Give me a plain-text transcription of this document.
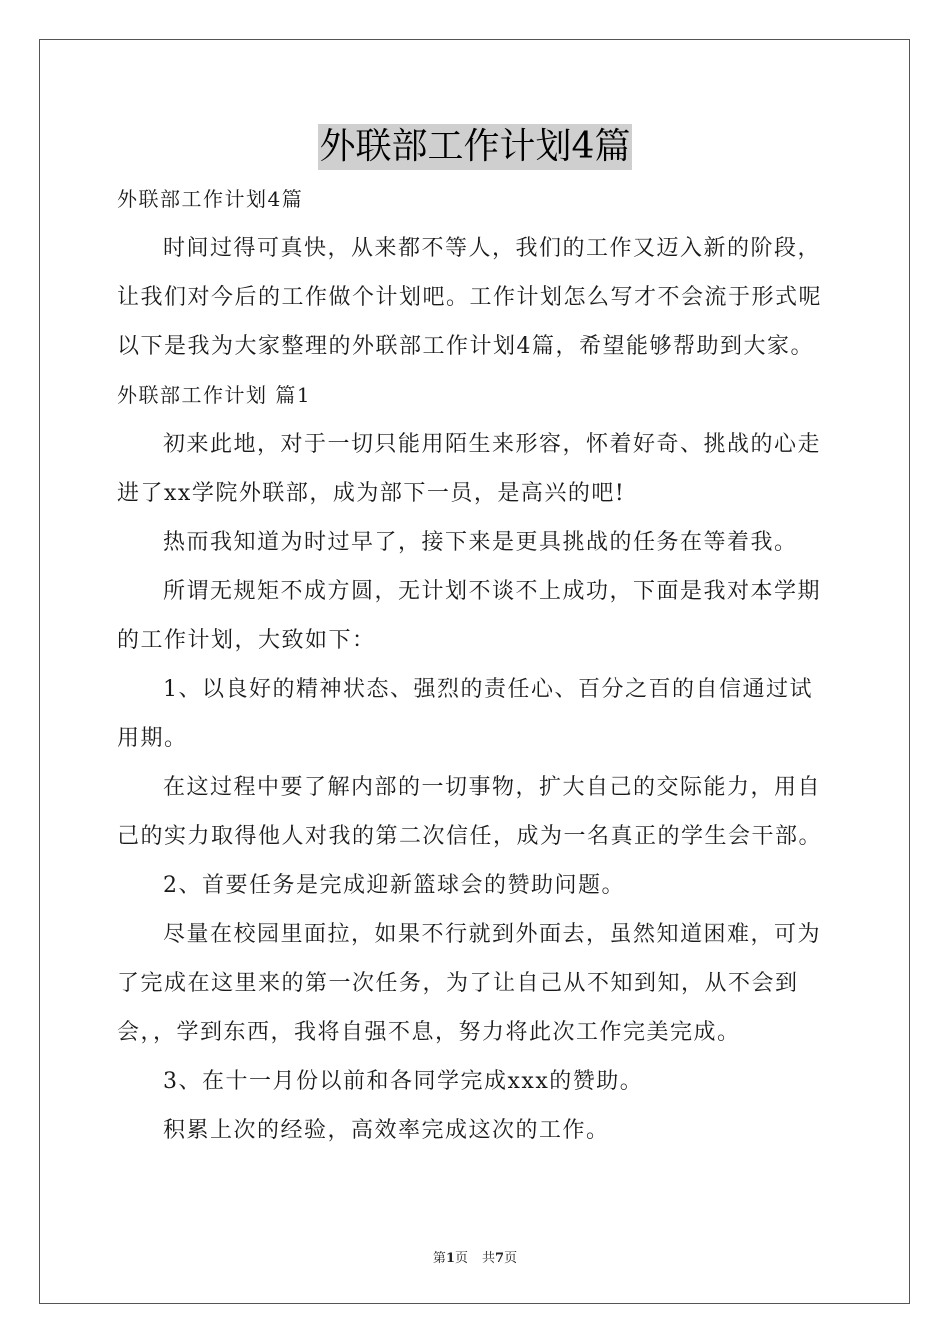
外联部工作计划4篇
外联部工作计划4篇
时间过得可真快，从来都不等人，我们的工作又迈入新的阶段，
让我们对今后的工作做个计划吧。工作计划怎么写才不会流于形式呢
以下是我为大家整理的外联部工作计划4篇，希望能够帮助到大家。
外联部工作计划 篇1
初来此地，对于一切只能用陌生来形容，怀着好奇、挑战的心走
进了xx学院外联部，成为部下一员，是高兴的吧!
热而我知道为时过早了，接下来是更具挑战的任务在等着我。
所谓无规矩不成方圆，无计划不谈不上成功，下面是我对本学期
的工作计划，大致如下：
1、以良好的精神状态、强烈的责任心、百分之百的自信通过试
用期。
在这过程中要了解内部的一切事物，扩大自己的交际能力，用自
己的实力取得他人对我的第二次信任，成为一名真正的学生会干部。
2、首要任务是完成迎新篮球会的赞助问题。
尽量在校园里面拉，如果不行就到外面去，虽然知道困难，可为
了完成在这里来的第一次任务，为了让自己从不知到知，从不会到
会，，学到东西，我将自强不息，努力将此次工作完美完成。
3、在十一月份以前和各同学完成xxx的赞助。
积累上次的经验，高效率完成这次的工作。
第1页 共7页
